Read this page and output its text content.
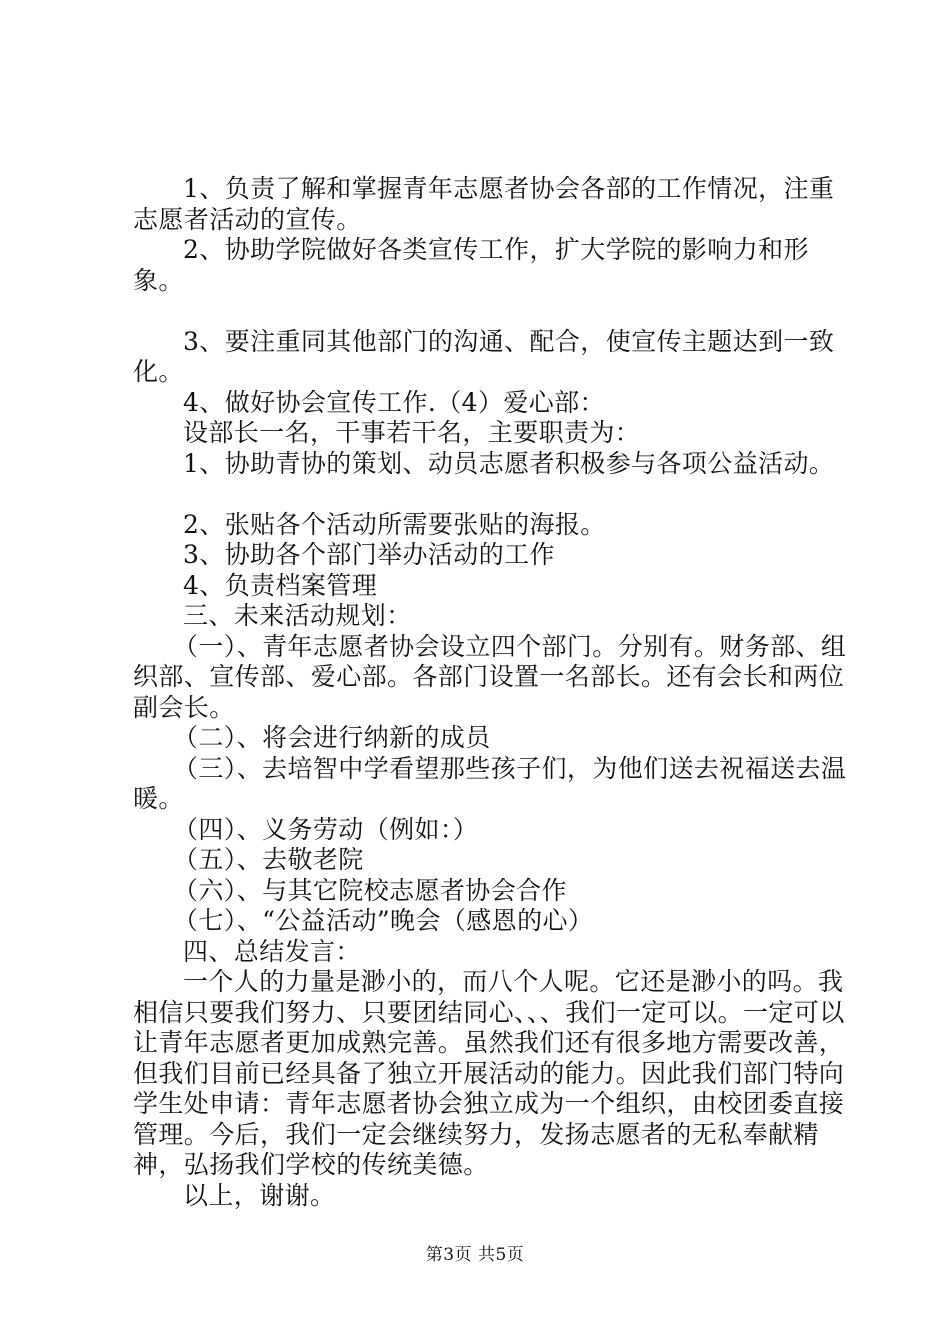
1、负责了解和掌握青年志愿者协会各部的工作情况，注重志愿者活动的宣传。

2、协助学院做好各类宣传工作，扩大学院的影响力和形象。

3、要注重同其他部门的沟通、配合，使宣传主题达到一致化。

4、做好协会宣传工作.（4）爱心部：

设部长一名，干事若干名，主要职责为：

1、协助青协的策划、动员志愿者积极参与各项公益活动。

2、张贴各个活动所需要张贴的海报。

3、协助各个部门举办活动的工作

4、负责档案管理

三、未来活动规划：

（一）、青年志愿者协会设立四个部门。分别有。财务部、组织部、宣传部、爱心部。各部门设置一名部长。还有会长和两位副会长。

（二）、将会进行纳新的成员

（三）、去培智中学看望那些孩子们，为他们送去祝福送去温暖。

（四）、义务劳动（例如：）

（五）、去敬老院

（六）、与其它院校志愿者协会合作

（七）、“公益活动”晚会（感恩的心）

四、总结发言：

一个人的力量是渺小的，而八个人呢。它还是渺小的吗。我相信只要我们努力、只要团结同心、、、我们一定可以。一定可以让青年志愿者更加成熟完善。虽然我们还有很多地方需要改善，但我们目前已经具备了独立开展活动的能力。因此我们部门特向学生处申请：青年志愿者协会独立成为一个组织，由校团委直接管理。今后，我们一定会继续努力，发扬志愿者的无私奉献精神，弘扬我们学校的传统美德。

以上，谢谢。

第3页 共5页
